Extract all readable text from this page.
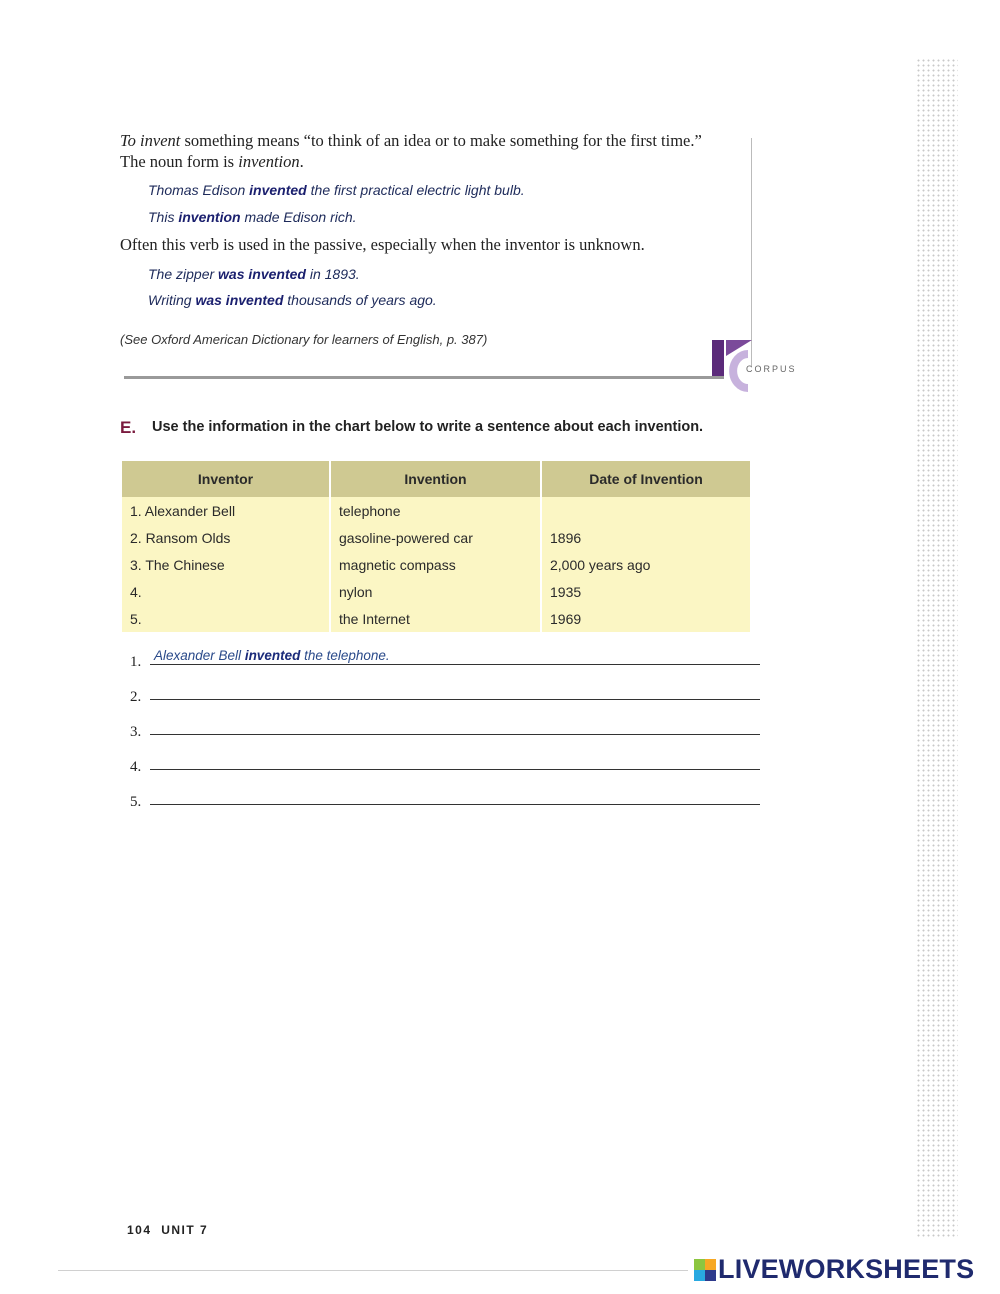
To invent something means “to think of an idea or to make something for the first time.” The noun form is invention.
Thomas Edison invented the first practical electric light bulb.
This invention made Edison rich.
Often this verb is used in the passive, especially when the inventor is unknown.
The zipper was invented in 1893.
Writing was invented thousands of years ago.
(See Oxford American Dictionary for learners of English, p. 387)
CORPUS
E. Use the information in the chart below to write a sentence about each invention.
Inventor	Invention	Date of Invention
1. Alexander Bell	telephone	
2. Ransom Olds	gasoline-powered car	1896
3. The Chinese	magnetic compass	2,000 years ago
4.	nylon	1935
5.	the Internet	1969
1. Alexander Bell invented the telephone.
2.
3.
4.
5.
104 UNIT 7
LIVEWORKSHEETS
